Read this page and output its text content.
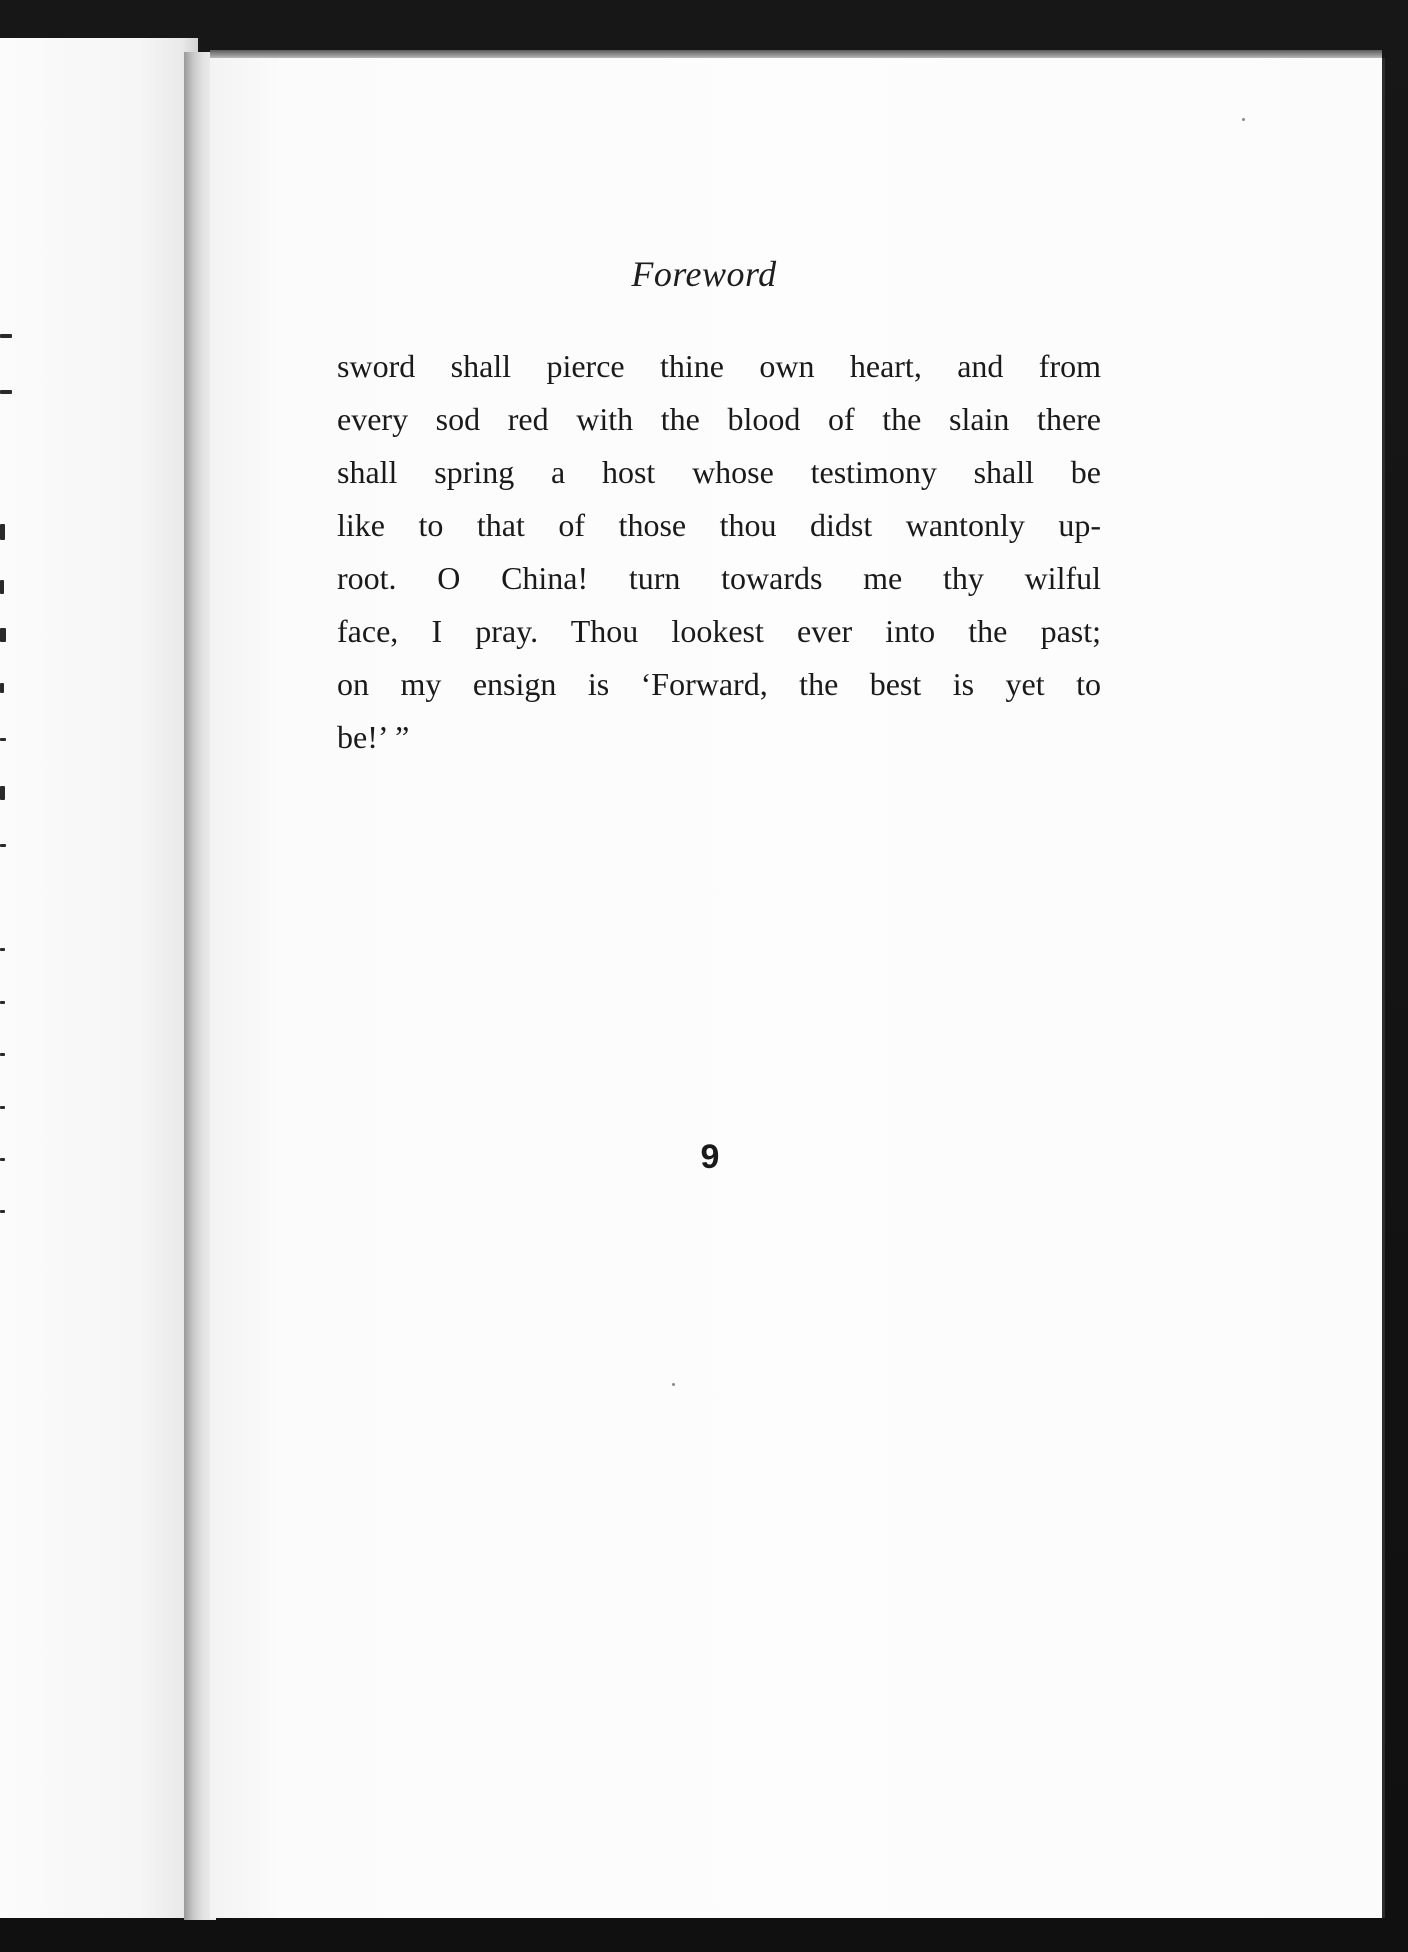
Foreword
sword shall pierce thine own heart, and from
every sod red with the blood of the slain there
shall spring a host whose testimony shall be
like to that of those thou didst wantonly up-
root. O China! turn towards me thy wilful
face, I pray. Thou lookest ever into the past;
on my ensign is ‘Forward, the best is yet to
be!’ ”
9
